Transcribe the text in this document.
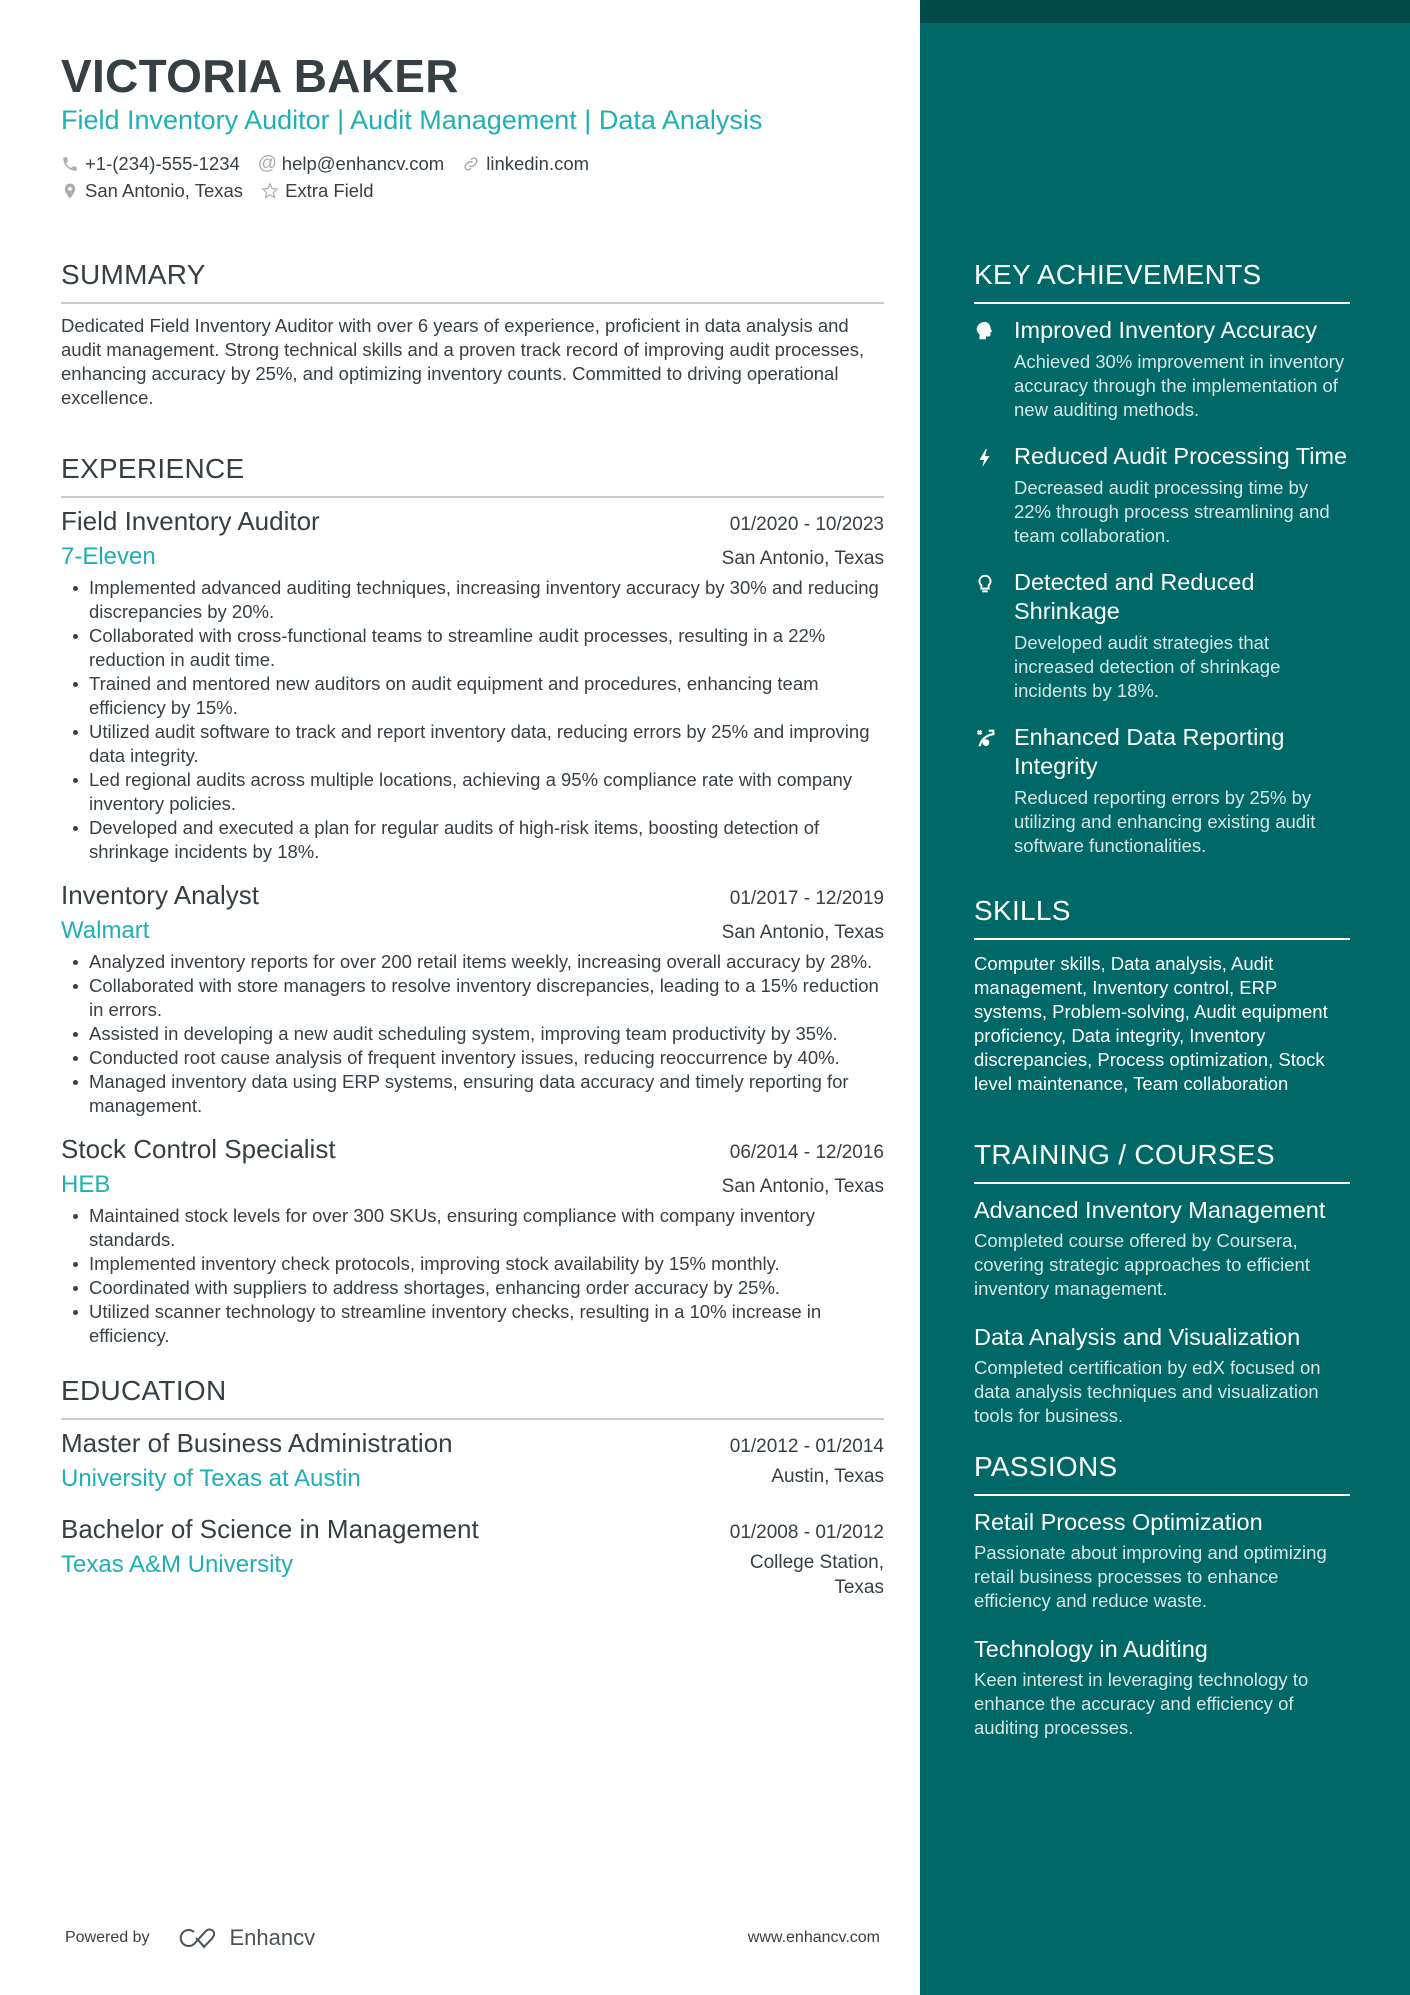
VICTORIA BAKER
Field Inventory Auditor | Audit Management | Data Analysis
+1-(234)-555-1234 @ help@enhancv.com linkedin.com
San Antonio, Texas Extra Field
SUMMARY
Dedicated Field Inventory Auditor with over 6 years of experience, proficient in data analysis and audit management. Strong technical skills and a proven track record of improving audit processes, enhancing accuracy by 25%, and optimizing inventory counts. Committed to driving operational excellence.
EXPERIENCE
Field Inventory Auditor	01/2020 - 10/2023
7-Eleven	San Antonio, Texas
Implemented advanced auditing techniques, increasing inventory accuracy by 30% and reducing discrepancies by 20%.
Collaborated with cross-functional teams to streamline audit processes, resulting in a 22% reduction in audit time.
Trained and mentored new auditors on audit equipment and procedures, enhancing team efficiency by 15%.
Utilized audit software to track and report inventory data, reducing errors by 25% and improving data integrity.
Led regional audits across multiple locations, achieving a 95% compliance rate with company inventory policies.
Developed and executed a plan for regular audits of high-risk items, boosting detection of shrinkage incidents by 18%.
Inventory Analyst	01/2017 - 12/2019
Walmart	San Antonio, Texas
Analyzed inventory reports for over 200 retail items weekly, increasing overall accuracy by 28%.
Collaborated with store managers to resolve inventory discrepancies, leading to a 15% reduction in errors.
Assisted in developing a new audit scheduling system, improving team productivity by 35%.
Conducted root cause analysis of frequent inventory issues, reducing reoccurrence by 40%.
Managed inventory data using ERP systems, ensuring data accuracy and timely reporting for management.
Stock Control Specialist	06/2014 - 12/2016
HEB	San Antonio, Texas
Maintained stock levels for over 300 SKUs, ensuring compliance with company inventory standards.
Implemented inventory check protocols, improving stock availability by 15% monthly.
Coordinated with suppliers to address shortages, enhancing order accuracy by 25%.
Utilized scanner technology to streamline inventory checks, resulting in a 10% increase in efficiency.
EDUCATION
Master of Business Administration	01/2012 - 01/2014
University of Texas at Austin	Austin, Texas
Bachelor of Science in Management	01/2008 - 01/2012
Texas A&M University	College Station, Texas
KEY ACHIEVEMENTS
Improved Inventory Accuracy
Achieved 30% improvement in inventory accuracy through the implementation of new auditing methods.
Reduced Audit Processing Time
Decreased audit processing time by 22% through process streamlining and team collaboration.
Detected and Reduced Shrinkage
Developed audit strategies that increased detection of shrinkage incidents by 18%.
Enhanced Data Reporting Integrity
Reduced reporting errors by 25% by utilizing and enhancing existing audit software functionalities.
SKILLS
Computer skills, Data analysis, Audit management, Inventory control, ERP systems, Problem-solving, Audit equipment proficiency, Data integrity, Inventory discrepancies, Process optimization, Stock level maintenance, Team collaboration
TRAINING / COURSES
Advanced Inventory Management
Completed course offered by Coursera, covering strategic approaches to efficient inventory management.
Data Analysis and Visualization
Completed certification by edX focused on data analysis techniques and visualization tools for business.
PASSIONS
Retail Process Optimization
Passionate about improving and optimizing retail business processes to enhance efficiency and reduce waste.
Technology in Auditing
Keen interest in leveraging technology to enhance the accuracy and efficiency of auditing processes.
Powered by	Enhancv	www.enhancv.com
